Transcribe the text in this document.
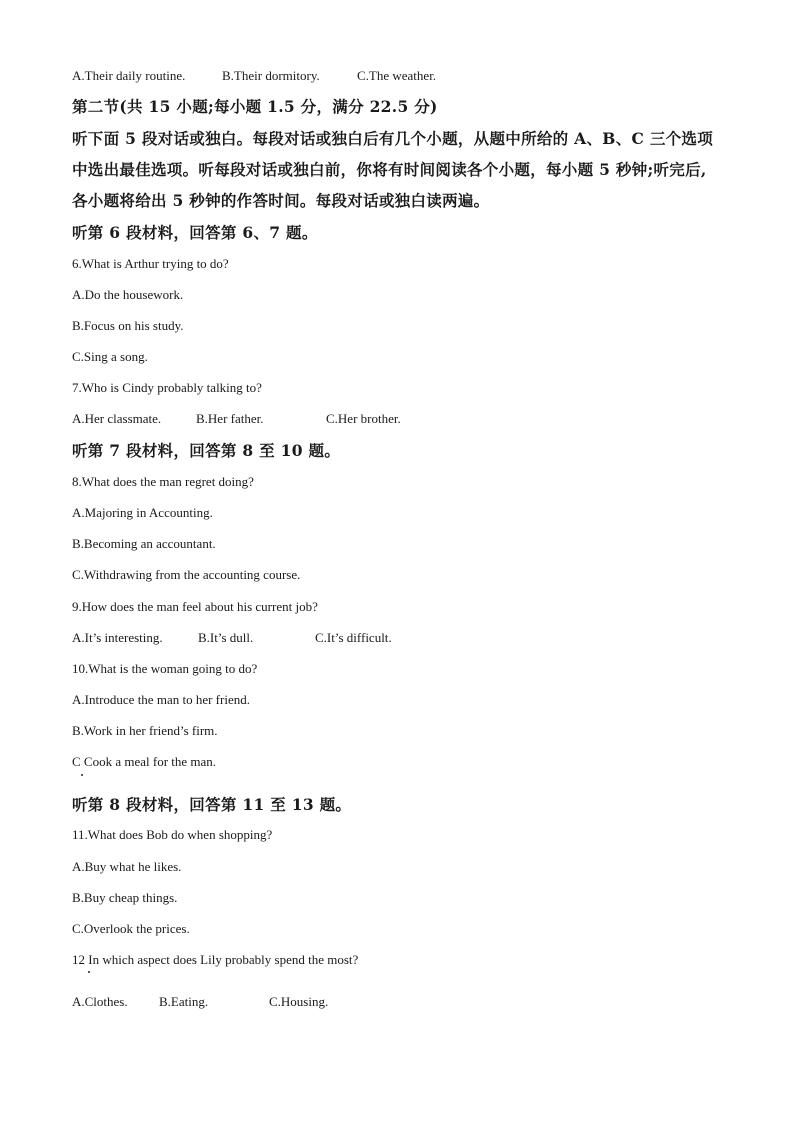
A.Their daily routine.	B.Their dormitory.	C.The weather.
第二节(共 15 小题;每小题 1.5 分，满分 22.5 分)
听下面 5 段对话或独白。每段对话或独白后有几个小题，从题中所给的 A、B、C 三个选项
中选出最佳选项。听每段对话或独白前，你将有时间阅读各个小题，每小题 5 秒钟;听完后,
各小题将给出 5 秒钟的作答时间。每段对话或独白读两遍。
听第 6 段材料，回答第 6、7 题。
6.What is Arthur trying to do?
A.Do the housework.
B.Focus on his study.
C.Sing a song.
7.Who is Cindy probably talking to?
A.Her classmate.	B.Her father.	C.Her brother.
听第 7 段材料，回答第 8 至 10 题。
8.What does the man regret doing?
A.Majoring in Accounting.
B.Becoming an accountant.
C.Withdrawing from the accounting course.
9.How does the man feel about his current job?
A.It’s interesting.	B.It’s dull.	C.It’s difficult.
10.What is the woman going to do?
A.Introduce the man to her friend.
B.Work in her friend’s firm.
C Cook a meal for the man.
听第 8 段材料，回答第 11 至 13 题。
11.What does Bob do when shopping?
A.Buy what he likes.
B.Buy cheap things.
C.Overlook the prices.
12 In which aspect does Lily probably spend the most?
A.Clothes. B.Eating.	C.Housing.
